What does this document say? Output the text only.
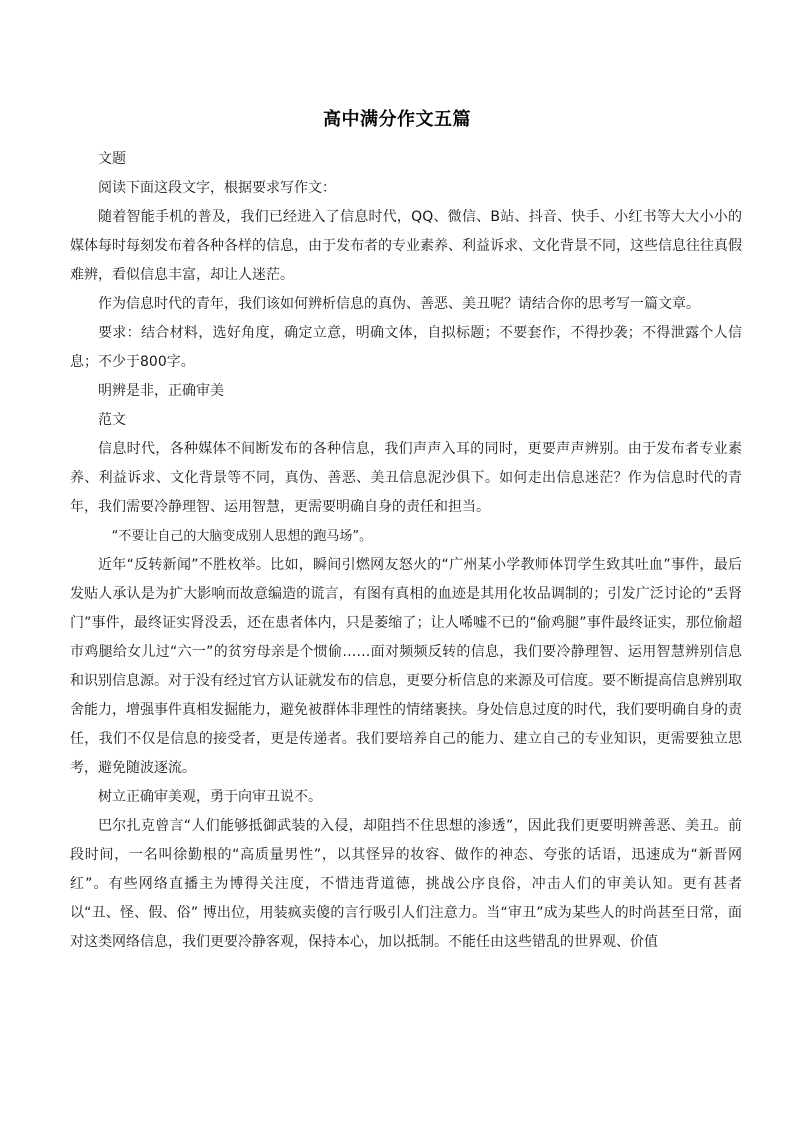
高中满分作文五篇

文题

阅读下面这段文字，根据要求写作文：

随着智能手机的普及，我们已经进入了信息时代，QQ、微信、B站、抖音、快手、小红书等大大小小的媒体每时每刻发布着各种各样的信息，由于发布者的专业素养、利益诉求、文化背景不同，这些信息往往真假难辨，看似信息丰富，却让人迷茫。

作为信息时代的青年，我们该如何辨析信息的真伪、善恶、美丑呢？请结合你的思考写一篇文章。

要求：结合材料，选好角度，确定立意，明确文体，自拟标题；不要套作，不得抄袭；不得泄露个人信息；不少于800字。

明辨是非，正确审美

范文

信息时代，各种媒体不间断发布的各种信息，我们声声入耳的同时，更要声声辨别。由于发布者专业素养、利益诉求、文化背景等不同，真伪、善恶、美丑信息泥沙俱下。如何走出信息迷茫？作为信息时代的青年，我们需要冷静理智、运用智慧，更需要明确自身的责任和担当。

“不要让自己的大脑变成别人思想的跑马场”。

近年“反转新闻”不胜枚举。比如，瞬间引燃网友怒火的“广州某小学教师体罚学生致其吐血”事件，最后发贴人承认是为扩大影响而故意编造的谎言，有图有真相的血迹是其用化妆品调制的；引发广泛讨论的“丢肾门”事件，最终证实肾没丢，还在患者体内，只是萎缩了；让人唏嘘不已的“偷鸡腿”事件最终证实，那位偷超市鸡腿给女儿过“六一”的贫穷母亲是个惯偷……面对频频反转的信息，我们要冷静理智、运用智慧辨别信息和识别信息源。对于没有经过官方认证就发布的信息，更要分析信息的来源及可信度。要不断提高信息辨别取舍能力，增强事件真相发掘能力，避免被群体非理性的情绪裹挟。身处信息过度的时代，我们要明确自身的责任，我们不仅是信息的接受者，更是传递者。我们要培养自己的能力、建立自己的专业知识，更需要独立思考，避免随波逐流。

树立正确审美观，勇于向审丑说不。

巴尔扎克曾言“人们能够抵御武装的入侵，却阻挡不住思想的渗透”，因此我们更要明辨善恶、美丑。前段时间，一名叫徐勤根的“高质量男性”，以其怪异的妆容、做作的神态、夸张的话语，迅速成为“新晋网红”。有些网络直播主为博得关注度，不惜违背道德，挑战公序良俗，冲击人们的审美认知。更有甚者以“丑、怪、假、俗” 博出位，用装疯卖傻的言行吸引人们注意力。当“审丑”成为某些人的时尚甚至日常，面对这类网络信息，我们更要冷静客观，保持本心，加以抵制。不能任由这些错乱的世界观、价值
